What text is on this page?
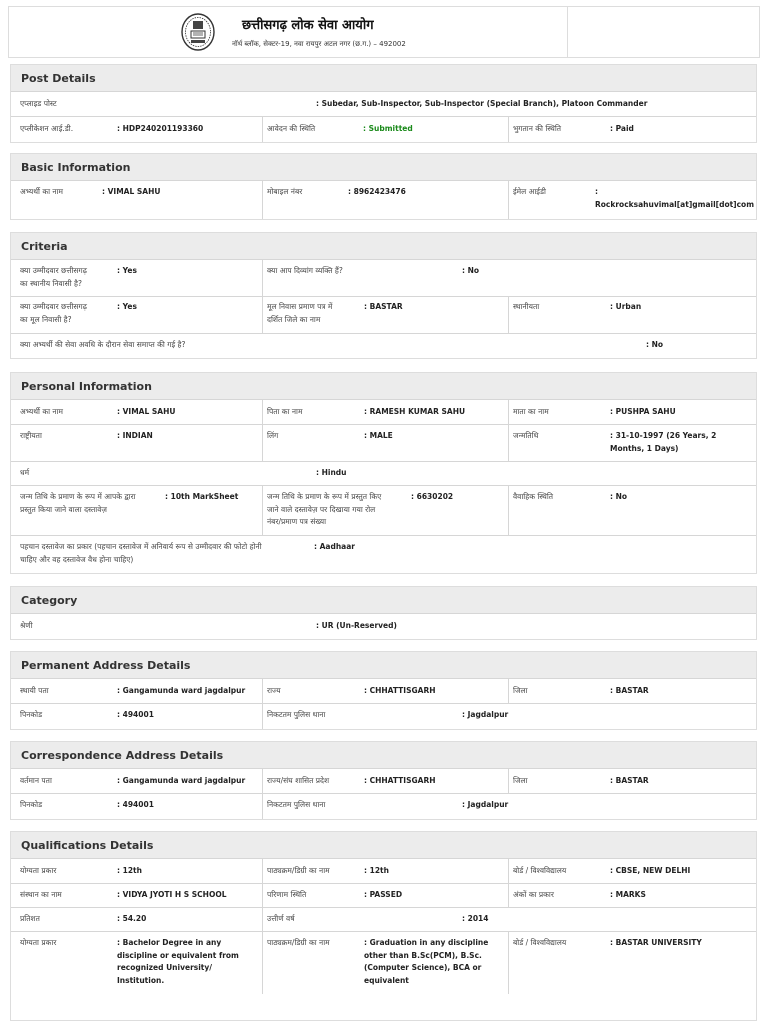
छत्तीसगढ़ लोक सेवा आयोग
नॉर्थ ब्लॉक, सेक्टर-19, नवा रायपुर अटल नगर (छ.ग.) – 492002
Post Details
एप्लाइड पोस्ट	: Subedar, Sub-Inspector, Sub-Inspector (Special Branch), Platoon Commander
एप्लीकेशन आई.डी.	: HDP240201193360	आवेदन की स्थिति	: Submitted	भुगतान की स्थिति	: Paid
Basic Information
अभ्यर्थी का नाम	: VIMAL SAHU	मोबाइल नंबर	: 8962423476	ईमेल आईडी	:
Rockrocksahuvimal[at]gmail[dot]com
Criteria
क्या उम्मीदवार छत्तीसगढ़
का स्थानीय निवासी है?
: Yes	क्या आप दिव्यांग व्यक्ति हैं?	: No
क्या उम्मीदवार छत्तीसगढ़
का मूल निवासी है?
: Yes	मूल निवास प्रमाण पत्र में
दर्शित जिले का नाम
: BASTAR	स्थानीयता	: Urban
क्या अभ्यर्थी की सेवा अवधि के दौरान सेवा समाप्त की गई है?	: No
Personal Information
अभ्यर्थी का नाम	: VIMAL SAHU	पिता का नाम	: RAMESH KUMAR SAHU	माता का नाम	: PUSHPA SAHU
राष्ट्रीयता	: INDIAN	लिंग	: MALE	जन्मतिथि	: 31-10-1997 (26 Years, 2
Months, 1 Days)
धर्म	: Hindu
जन्म तिथि के प्रमाण के रूप में आपके द्वारा
प्रस्तुत किया जाने वाला दस्तावेज़
: 10th MarkSheet	जन्म तिथि के प्रमाण के रूप में प्रस्तुत किए
जाने वाले दस्तावेज़ पर दिखाया गया रोल
नंबर/प्रमाण पत्र संख्या
: 6630202	वैवाहिक स्थिति	: No
पहचान दस्तावेज का प्रकार (पहचान दस्तावेज में अनिवार्य रूप से उम्मीदवार की फोटो होनी
चाहिए और वह दस्तावेज वैध होना चाहिए)
: Aadhaar
Category
श्रेणी	: UR (Un-Reserved)
Permanent Address Details
स्थायी पता	: Gangamunda ward jagdalpur	राज्य	: CHHATTISGARH	जिला	: BASTAR
पिनकोड	: 494001	निकटतम पुलिस थाना	: Jagdalpur
Correspondence Address Details
वर्तमान पता	: Gangamunda ward jagdalpur	राज्य/संघ शासित प्रदेश	: CHHATTISGARH	जिला	: BASTAR
पिनकोड	: 494001	निकटतम पुलिस थाना	: Jagdalpur
Qualifications Details
योग्यता प्रकार	: 12th	पाठ्यक्रम/डिग्री का नाम	: 12th	बोर्ड / विश्वविद्यालय	: CBSE, NEW DELHI
संस्थान का नाम	: VIDYA JYOTI H S SCHOOL	परिणाम स्थिति	: PASSED	अंकों का प्रकार	: MARKS
प्रतिशत	: 54.20	उत्तीर्ण वर्ष	: 2014
योग्यता प्रकार	: Bachelor Degree in any
discipline or equivalent from
recognized University/
Institution.
पाठ्यक्रम/डिग्री का नाम	: Graduation in any discipline
other than B.Sc(PCM), B.Sc.
(Computer Science), BCA or
equivalent
बोर्ड / विश्वविद्यालय	: BASTAR UNIVERSITY
